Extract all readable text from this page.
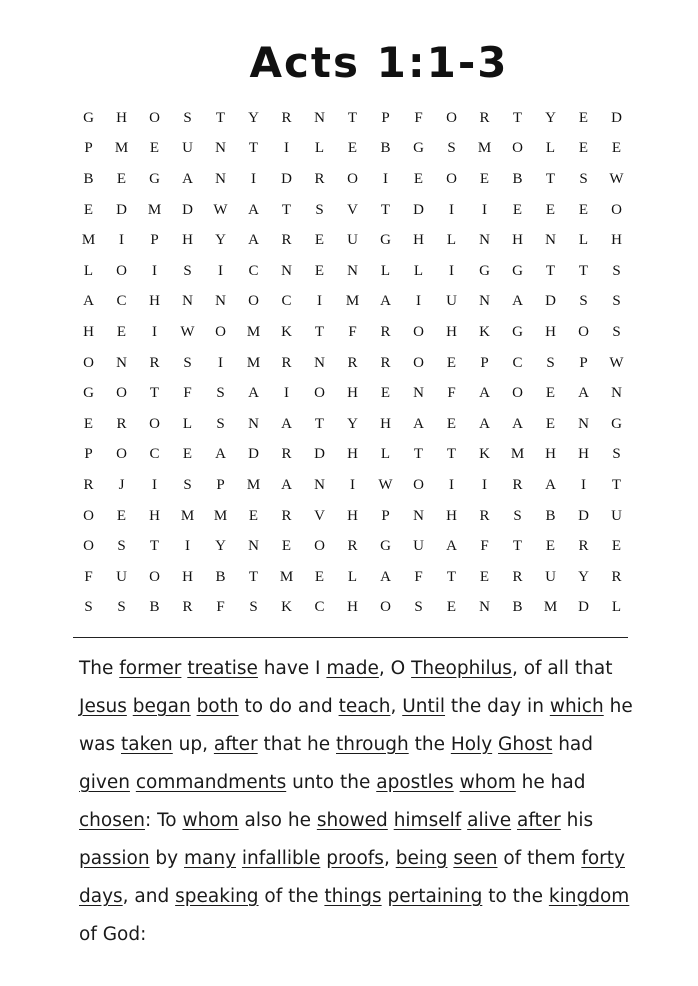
Acts 1:1-3
G	H	O	S	T	Y	R	N	T	P	F	O	R	T	Y	E	D
P	M	E	U	N	T	I	L	E	B	G	S	M	O	L	E	E
B	E	G	A	N	I	D	R	O	I	E	O	E	B	T	S	W
E	D	M	D	W	A	T	S	V	T	D	I	I	E	E	E	O
M	I	P	H	Y	A	R	E	U	G	H	L	N	H	N	L	H
L	O	I	S	I	C	N	E	N	L	L	I	G	G	T	T	S
A	C	H	N	N	O	C	I	M	A	I	U	N	A	D	S	S
H	E	I	W	O	M	K	T	F	R	O	H	K	G	H	O	S
O	N	R	S	I	M	R	N	R	R	O	E	P	C	S	P	W
G	O	T	F	S	A	I	O	H	E	N	F	A	O	E	A	N
E	R	O	L	S	N	A	T	Y	H	A	E	A	A	E	N	G
P	O	C	E	A	D	R	D	H	L	T	T	K	M	H	H	S
R	J	I	S	P	M	A	N	I	W	O	I	I	R	A	I	T
O	E	H	M	M	E	R	V	H	P	N	H	R	S	B	D	U
O	S	T	I	Y	N	E	O	R	G	U	A	F	T	E	R	E
F	U	O	H	B	T	M	E	L	A	F	T	E	R	U	Y	R
S	S	B	R	F	S	K	C	H	O	S	E	N	B	M	D	L
The former treatise have I made, O Theophilus, of all that Jesus began both to do and teach, Until the day in which he was taken up, after that he through the Holy Ghost had given commandments unto the apostles whom he had chosen: To whom also he showed himself alive after his passion by many infallible proofs, being seen of them forty days, and speaking of the things pertaining to the kingdom of God:
